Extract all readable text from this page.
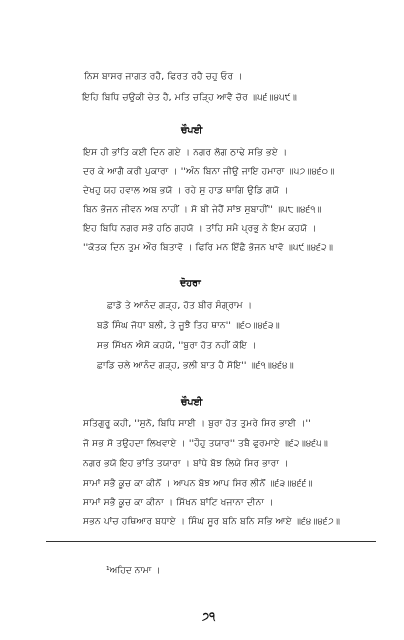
ਨਿਸ ਬਾਸਰ ਜਾਗਤ ਰਹੈ, ਫਿਰਤ ਰਹੈ ਚਹੁ ਓਰ ।
ਇਹਿ ਬਿਧਿ ਚਉਕੀ ਚੇਤ ਹੈ, ਮਤਿ ਚੜ੍ਹਿ ਆਵੈ ਚੋਰ ॥੫੬॥੪੫੯॥
ਚੌਪਈ
ਇਸ ਹੀ ਭਾਂਤਿ ਕਈ ਦਿਨ ਗਏ । ਨਗਰ ਲੋਗ ਠਾਢੇ ਸਭਿ ਭਏ ।
ਦਰ ਕੇ ਆਗੈ ਕਰੀ ਪੁਕਾਰਾ । ''ਅੰਨ ਬਿਨਾ ਜੀਉ ਜਾਇ ਹਮਾਰਾ ॥੫੭॥੪੬੦॥
ਦੇਖਹੁ ਯਹ ਹਵਾਲ ਅਬ ਭਯੋ । ਰਹੇ ਸੁ ਹਾਡ ਥਾਗਿ ਉਡਿ ਗਯੋ ।
ਬਿਨ ਭੋਜਨ ਜੀਵਨ ਅਬ ਨਾਹੀਂ । ਸੋ ਬੀ ਜੇਹੈਂ ਸਾਂਝ ਸੁਬਾਹੀਂ'' ॥੫੮॥੪੬੧॥
ਇਹ ਬਿਧਿ ਨਗਰ ਸਭੋ ਹਠਿ ਗਹਯੋ । ਤਾਂਹਿ ਸਮੈ ਪ੍ਰਭੁ ਨੇ ਇਮ ਕਹਯੋ ।
''ਕੋਤਕ ਦਿਨ ਤੁਮ ਔਰ ਬਿਤਾਵੋ । ਫਿਰਿ ਮਨ ਇੱਛੈ ਭੋਜਨ ਖਾਵੋ ॥੫੯॥੪੬੨॥
ਦੋਹਰਾ
ਛਾਡੋ ਤੇ ਆਨੰਦ ਗੜ੍ਹ, ਹੋਤ ਬੀਰ ਸੰਗ੍ਰਾਮ ।
ਬਡੋ ਸਿੰਘ ਜੋਧਾ ਬਲੀ, ਤੇ ਜੂਝੈ ਤਿਹ ਥਾਨ'' ॥੬੦॥੪੬੩॥
ਸਭ ਸਿੱਖਨ ਐਸੋ ਕਹਯੋ, ''ਬੁਰਾ ਹੋਤ ਨਹੀਂ ਕੋਇ ।
ਛਾਡਿ ਚਲੇ ਆਨੰਦ ਗੜ੍ਹ, ਭਲੀ ਬਾਤ ਹੈ ਸੋਇ'' ॥੬੧॥੪੬੪॥
ਚੌਪਈ
ਸਤਿਗੁਰੂ ਕਹੀ, ''ਸੁਨੋ, ਬਿਧਿ ਸਾਈ । ਬੁਰਾ ਹੋਤ ਤੁਮਰੇ ਸਿਰ ਭਾਈ ।''
ਜੋ ਸਭ ਸੋ ਤਉਹਦਾ ਲਿਖਵਾਏ । ''ਹੌਹੁ ਤਯਾਰ'' ਤਬੈ ਫੁਰਮਾਏ ॥੬੨॥੪੬੫॥
ਨਗਰ ਭਯੋ ਇਹ ਭਾਂਤਿ ਤਯਾਰਾ । ਬਾਂਧੇ ਬੋਝ ਲਿਯੇ ਸਿਰ ਭਾਰਾ ।
ਸਾਮਾਂ ਸਭੈ ਕੂਚ ਕਾ ਕੀਨੋਂ । ਆਪਨ ਬੋਝ ਆਪ ਸਿਰ ਲੀਨੋਂ ॥੬੩॥੪੬੬॥
ਸਾਮਾਂ ਸਭੈ ਕੂਚ ਕਾ ਕੀਨਾ । ਸਿੱਖਨ ਬਾਂਟਿ ਖਜਾਨਾ ਦੀਨਾ ।
ਸਭਨ ਪਾਂਚ ਹਥਿਆਰ ਬਧਾਏ । ਸਿੰਘ ਸੂਰ ਬਨਿ ਬਨਿ ਸਭਿ ਆਏ ॥੬੪॥੪੬੭॥
¹ਅਹਿਦ ਨਾਮਾ ।
੭੧
